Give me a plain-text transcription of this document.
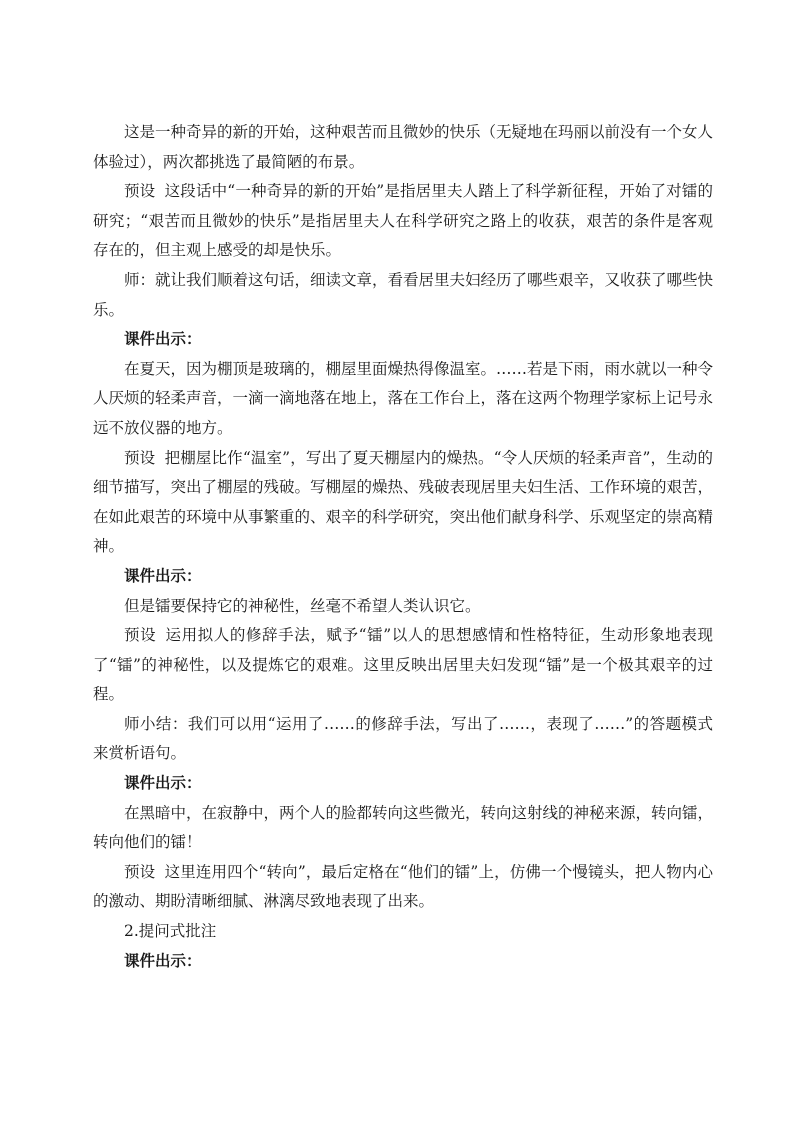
这是一种奇异的新的开始，这种艰苦而且微妙的快乐（无疑地在玛丽以前没有一个女人体验过），两次都挑选了最简陋的布景。

预设 这段话中“一种奇异的新的开始”是指居里夫人踏上了科学新征程，开始了对镭的研究；“艰苦而且微妙的快乐”是指居里夫人在科学研究之路上的收获，艰苦的条件是客观存在的，但主观上感受的却是快乐。

师：就让我们顺着这句话，细读文章，看看居里夫妇经历了哪些艰辛，又收获了哪些快乐。

课件出示：

在夏天，因为棚顶是玻璃的，棚屋里面燥热得像温室。……若是下雨，雨水就以一种令人厌烦的轻柔声音，一滴一滴地落在地上，落在工作台上，落在这两个物理学家标上记号永远不放仪器的地方。

预设 把棚屋比作“温室”，写出了夏天棚屋内的燥热。“令人厌烦的轻柔声音”，生动的细节描写，突出了棚屋的残破。写棚屋的燥热、残破表现居里夫妇生活、工作环境的艰苦，在如此艰苦的环境中从事繁重的、艰辛的科学研究，突出他们献身科学、乐观坚定的崇高精神。

课件出示：

但是镭要保持它的神秘性，丝毫不希望人类认识它。

预设 运用拟人的修辞手法，赋予“镭”以人的思想感情和性格特征，生动形象地表现了“镭”的神秘性，以及提炼它的艰难。这里反映出居里夫妇发现“镭”是一个极其艰辛的过程。

师小结：我们可以用“运用了……的修辞手法，写出了……，表现了……”的答题模式来赏析语句。

课件出示：

在黑暗中，在寂静中，两个人的脸都转向这些微光，转向这射线的神秘来源，转向镭，转向他们的镭！

预设 这里连用四个“转向”，最后定格在“他们的镭”上，仿佛一个慢镜头，把人物内心的激动、期盼清晰细腻、淋漓尽致地表现了出来。

2.提问式批注

课件出示：
